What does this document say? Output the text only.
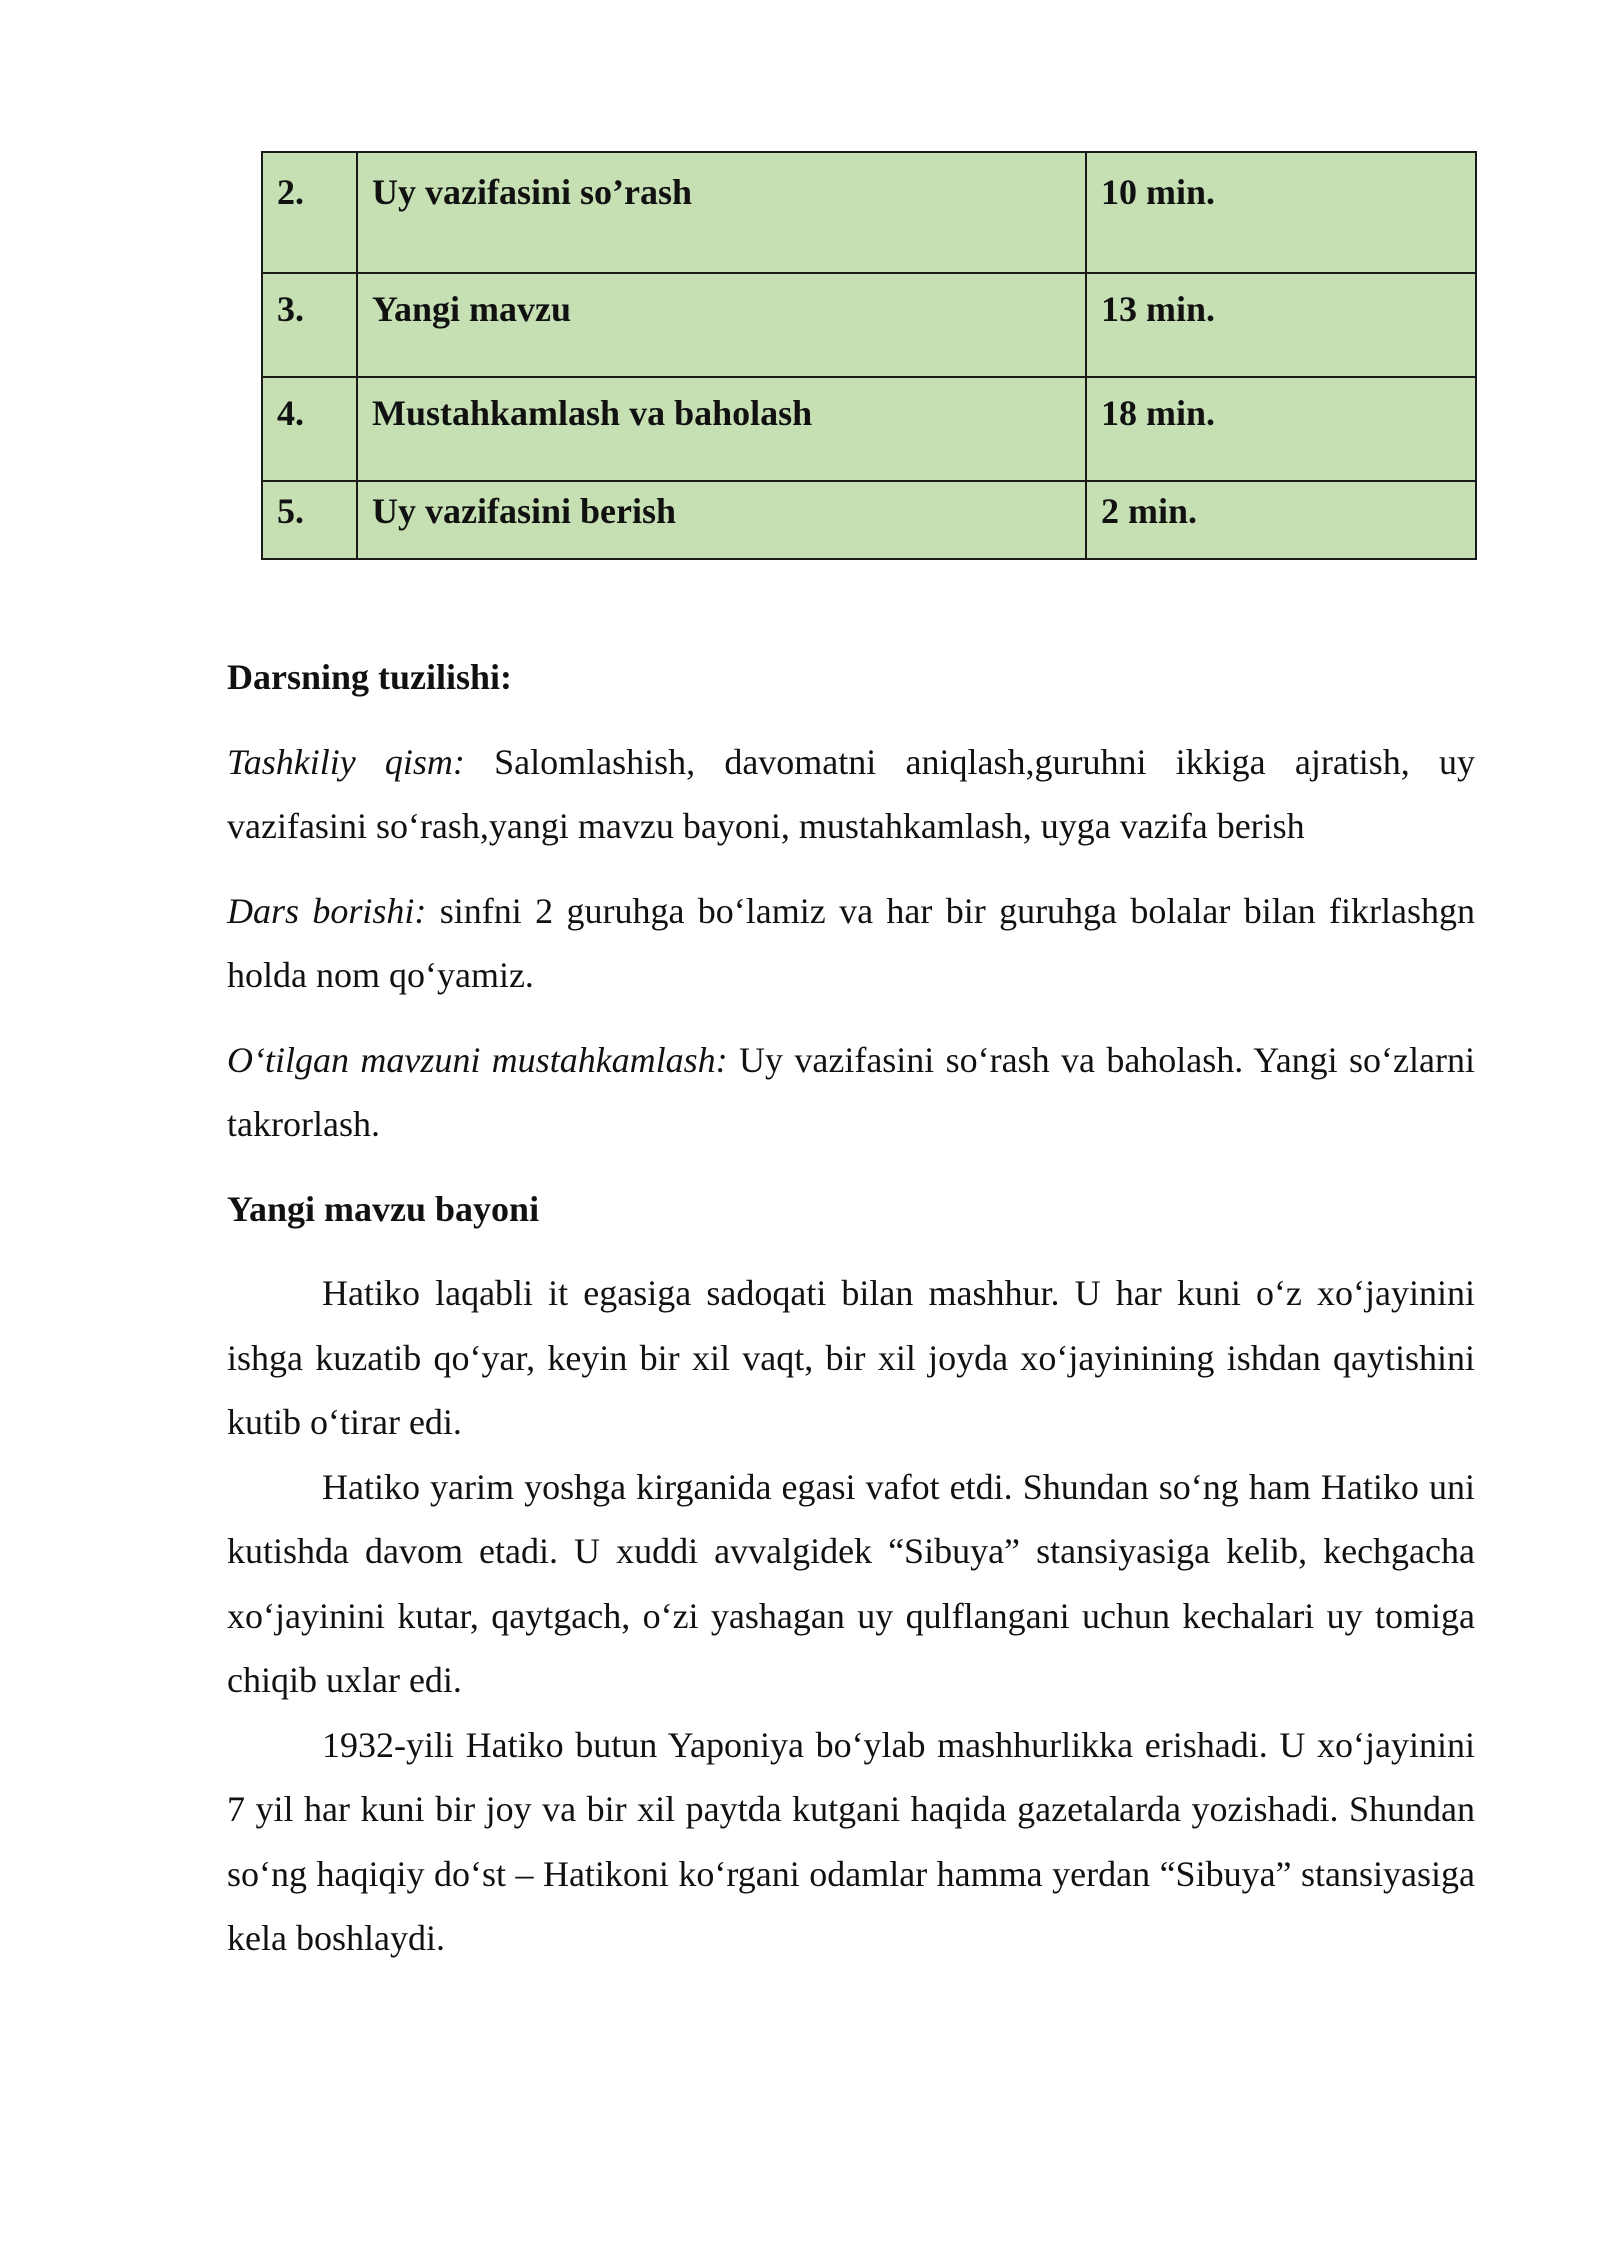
2.	Uy vazifasini so’rash	10 min.
3.	Yangi mavzu	13 min.
4.	Mustahkamlash va baholash	18 min.
5.	Uy vazifasini berish	2 min.

Darsning tuzilishi:

Tashkiliy qism: Salomlashish, davomatni aniqlash,guruhni ikkiga ajratish, uy vazifasini so‘rash,yangi mavzu bayoni, mustahkamlash, uyga vazifa berish

Dars borishi: sinfni 2 guruhga bo‘lamiz va har bir guruhga bolalar bilan fikrlashgn holda nom qo‘yamiz.

O‘tilgan mavzuni mustahkamlash: Uy vazifasini so‘rash va baholash. Yangi so‘zlarni takrorlash.

Yangi mavzu bayoni

Hatiko laqabli it egasiga sadoqati bilan mashhur. U har kuni o‘z xo‘jayinini ishga kuzatib qo‘yar, keyin bir xil vaqt, bir xil joyda xo‘jayinining ishdan qaytishini kutib o‘tirar edi.

Hatiko yarim yoshga kirganida egasi vafot etdi. Shundan so‘ng ham Hatiko uni kutishda davom etadi. U xuddi avvalgidek “Sibuya” stansiyasiga kelib, kechgacha xo‘jayinini kutar, qaytgach, o‘zi yashagan uy qulflangani uchun kechalari uy tomiga chiqib uxlar edi.

1932-yili Hatiko butun Yaponiya bo‘ylab mashhurlikka erishadi. U xo‘jayinini 7 yil har kuni bir joy va bir xil paytda kutgani haqida gazetalarda yozishadi. Shundan so‘ng haqiqiy do‘st – Hatikoni ko‘rgani odamlar hamma yerdan “Sibuya” stansiyasiga kela boshlaydi.
